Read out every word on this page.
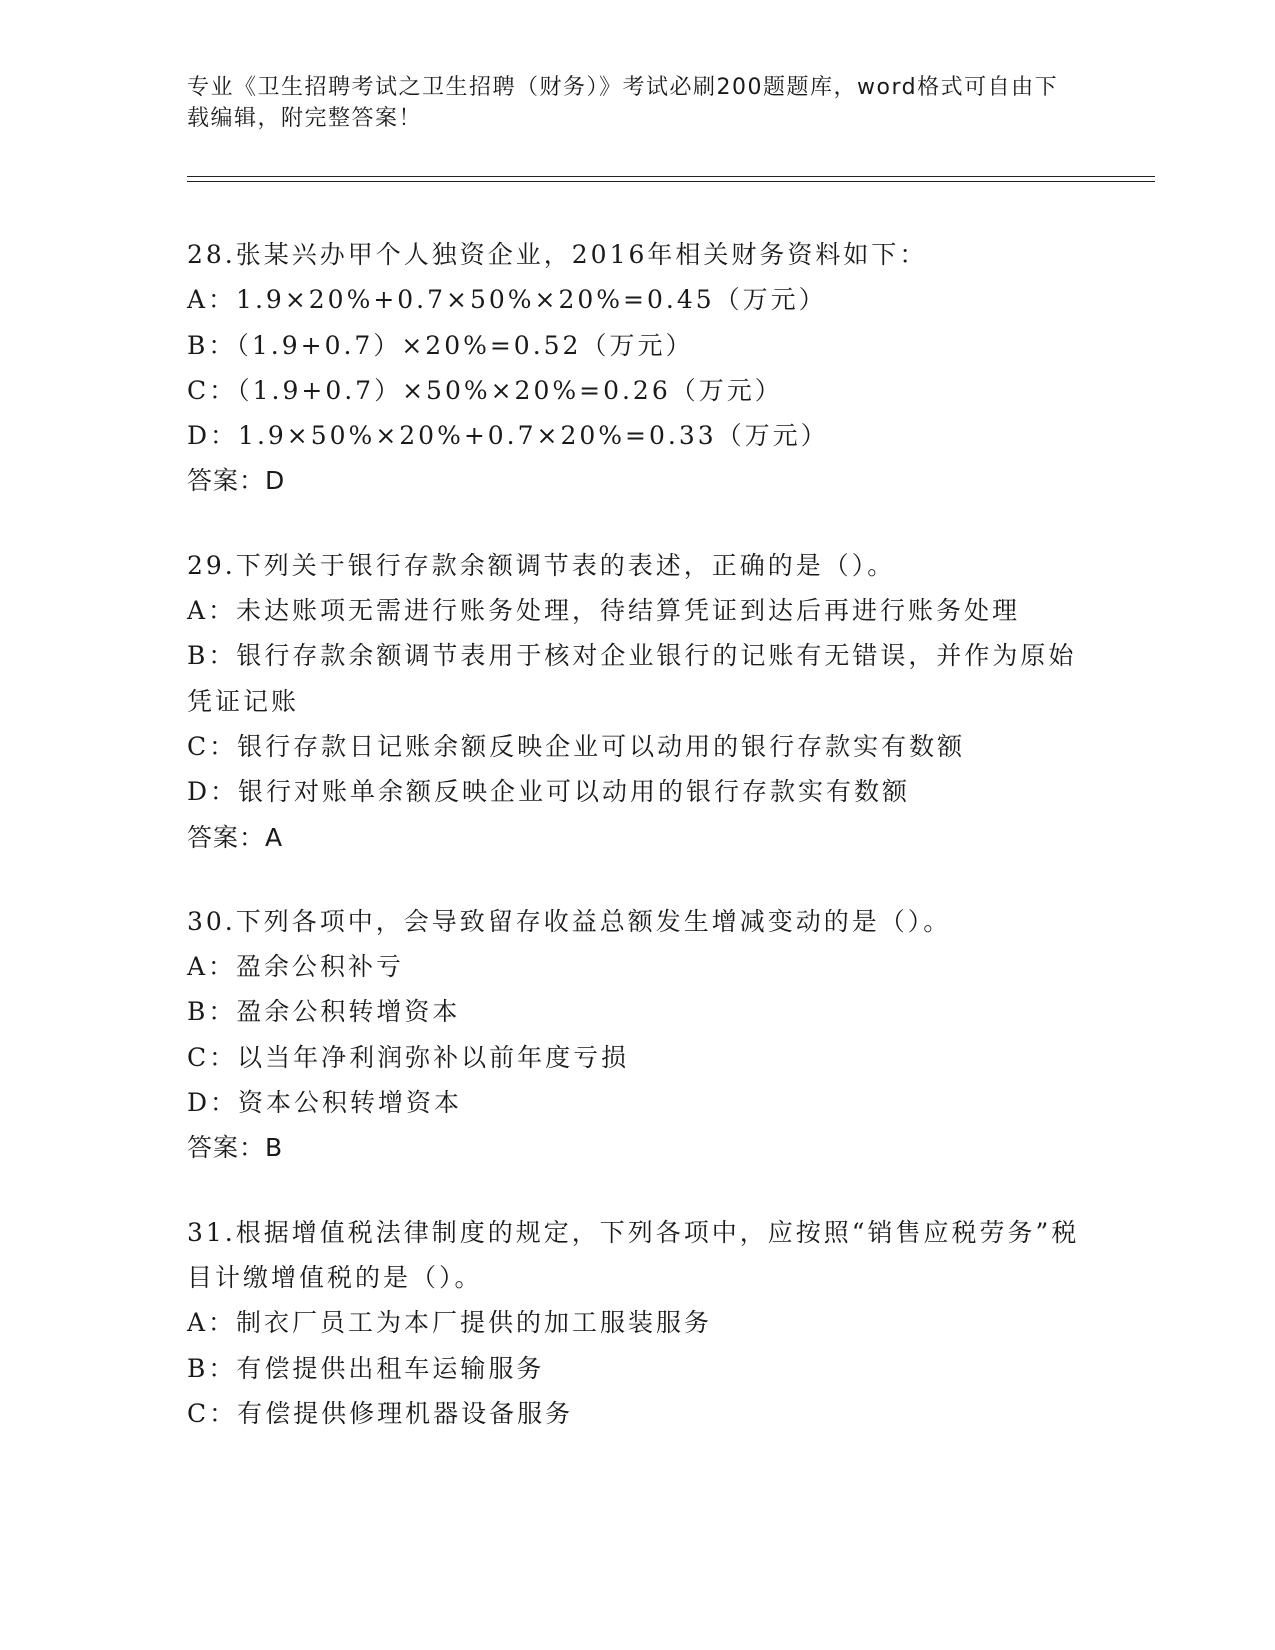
专业《卫生招聘考试之卫生招聘（财务）》考试必刷200题题库，word格式可自由下载编辑，附完整答案！
28.张某兴办甲个人独资企业，2016年相关财务资料如下：
A：1.9×20%+0.7×50%×20%=0.45（万元）
B：（1.9+0.7）×20%=0.52（万元）
C：（1.9+0.7）×50%×20%=0.26（万元）
D：1.9×50%×20%+0.7×20%=0.33（万元）
答案：D
29.下列关于银行存款余额调节表的表述，正确的是（）。
A：未达账项无需进行账务处理，待结算凭证到达后再进行账务处理
B：银行存款余额调节表用于核对企业银行的记账有无错误，并作为原始凭证记账
C：银行存款日记账余额反映企业可以动用的银行存款实有数额
D：银行对账单余额反映企业可以动用的银行存款实有数额
答案：A
30.下列各项中，会导致留存收益总额发生增减变动的是（）。
A：盈余公积补亏
B：盈余公积转增资本
C：以当年净利润弥补以前年度亏损
D：资本公积转增资本
答案：B
31.根据增值税法律制度的规定，下列各项中，应按照“销售应税劳务”税目计缴增值税的是（）。
A：制衣厂员工为本厂提供的加工服装服务
B：有偿提供出租车运输服务
C：有偿提供修理机器设备服务
